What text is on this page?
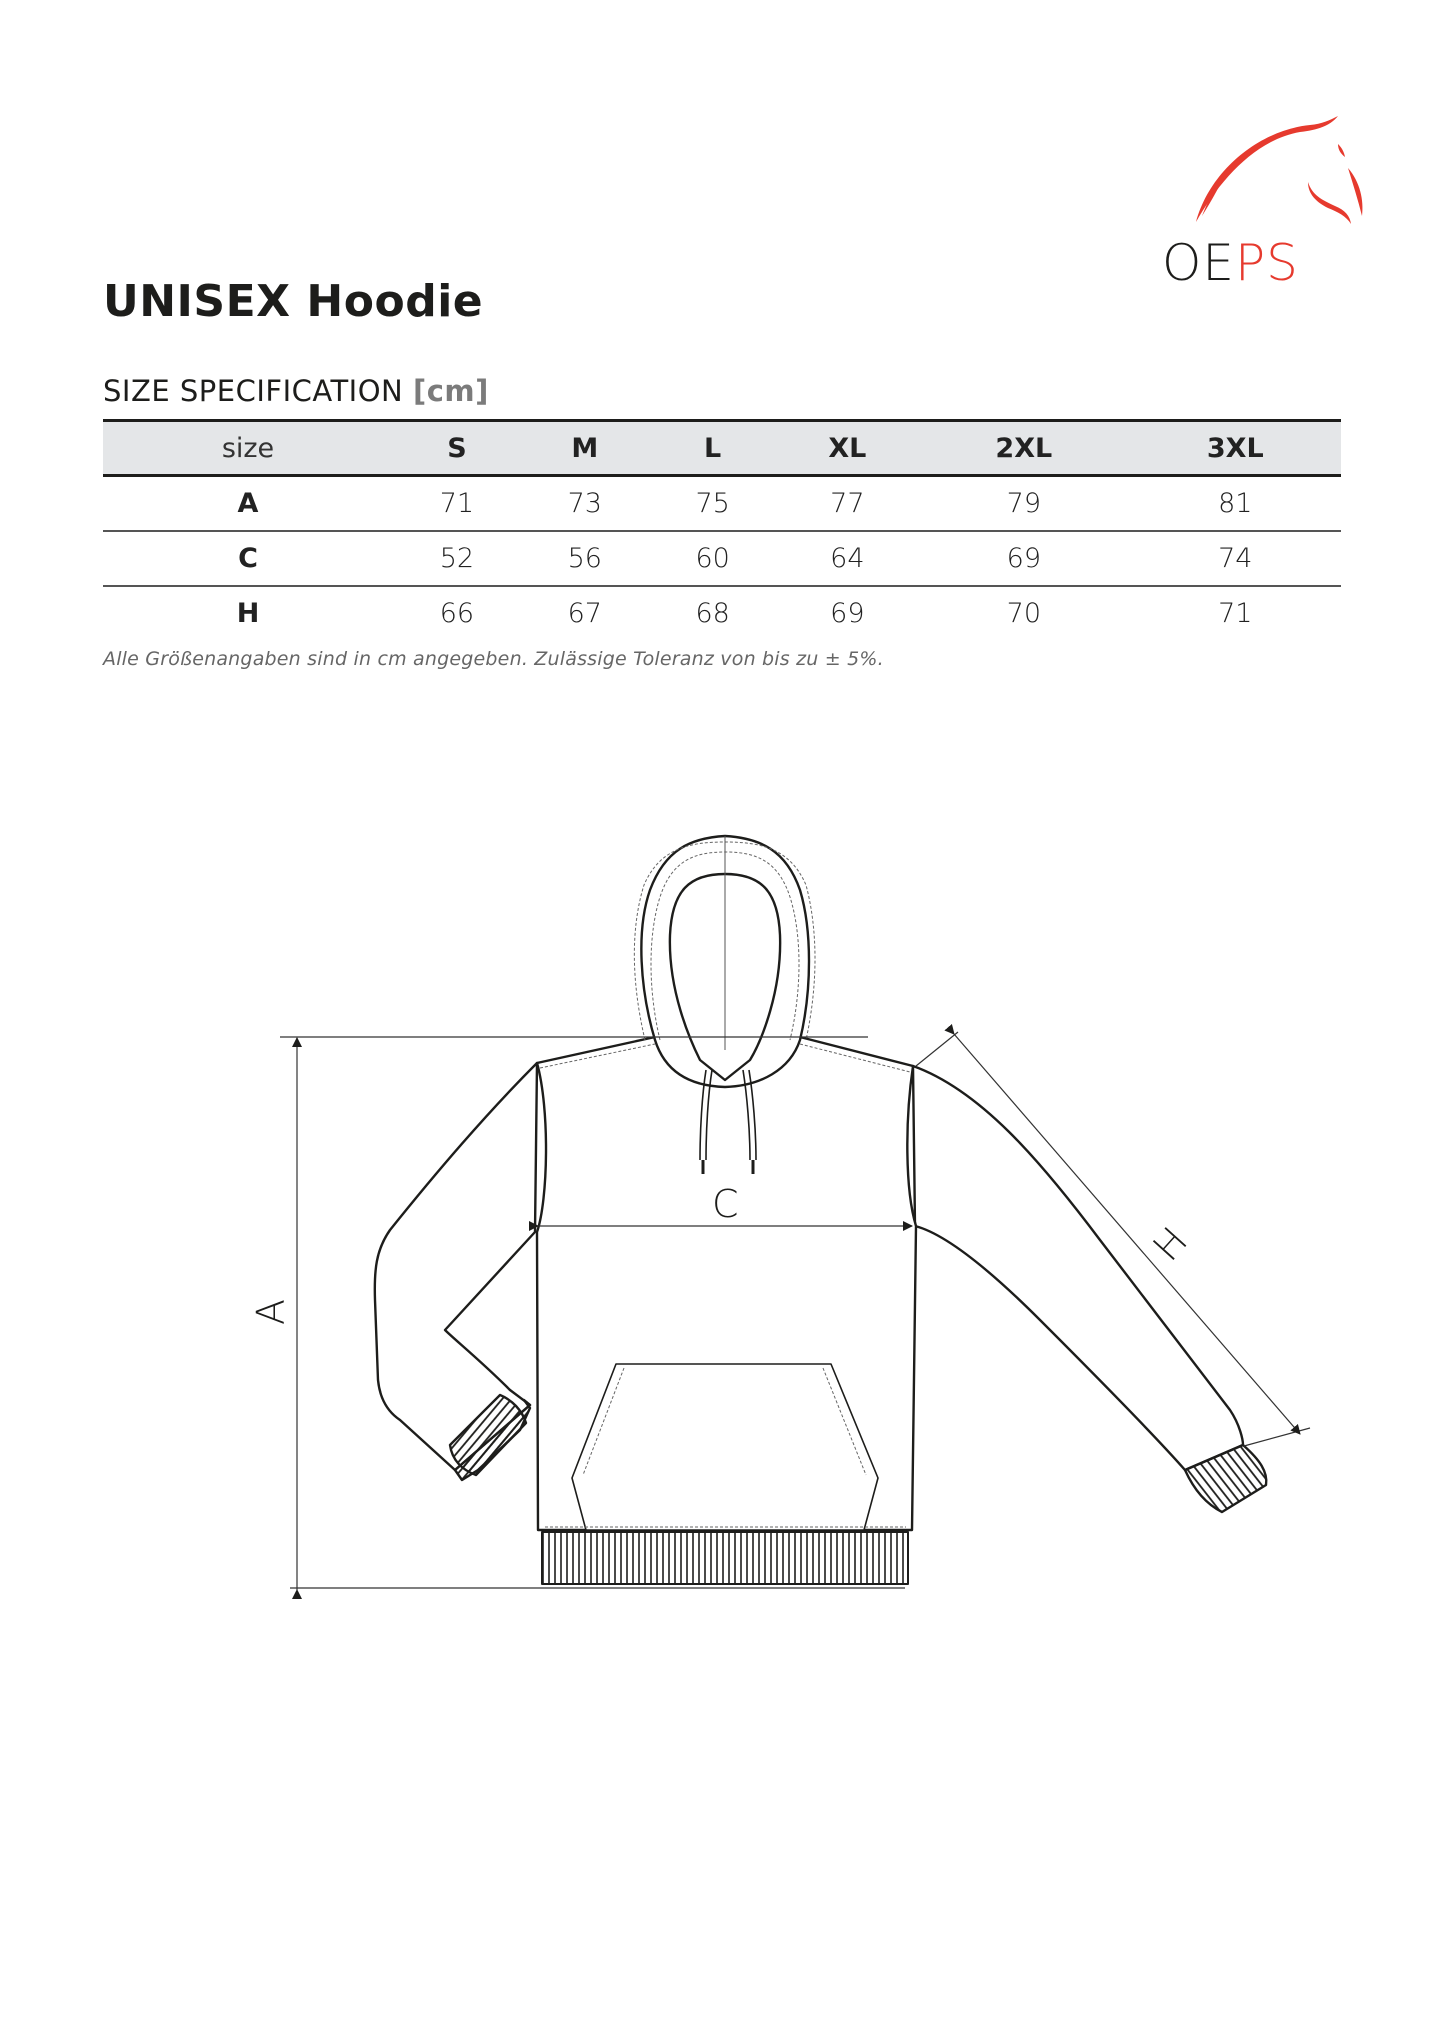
OEPS
UNISEX Hoodie
SIZE SPECIFICATION [cm]
size	S	M	L	XL	2XL	3XL
A	71	73	75	77	79	81
C	52	56	60	64	69	74
H	66	67	68	69	70	71
Alle Größenangaben sind in cm angegeben. Zulässige Toleranz von bis zu ± 5%.
A
C
H
